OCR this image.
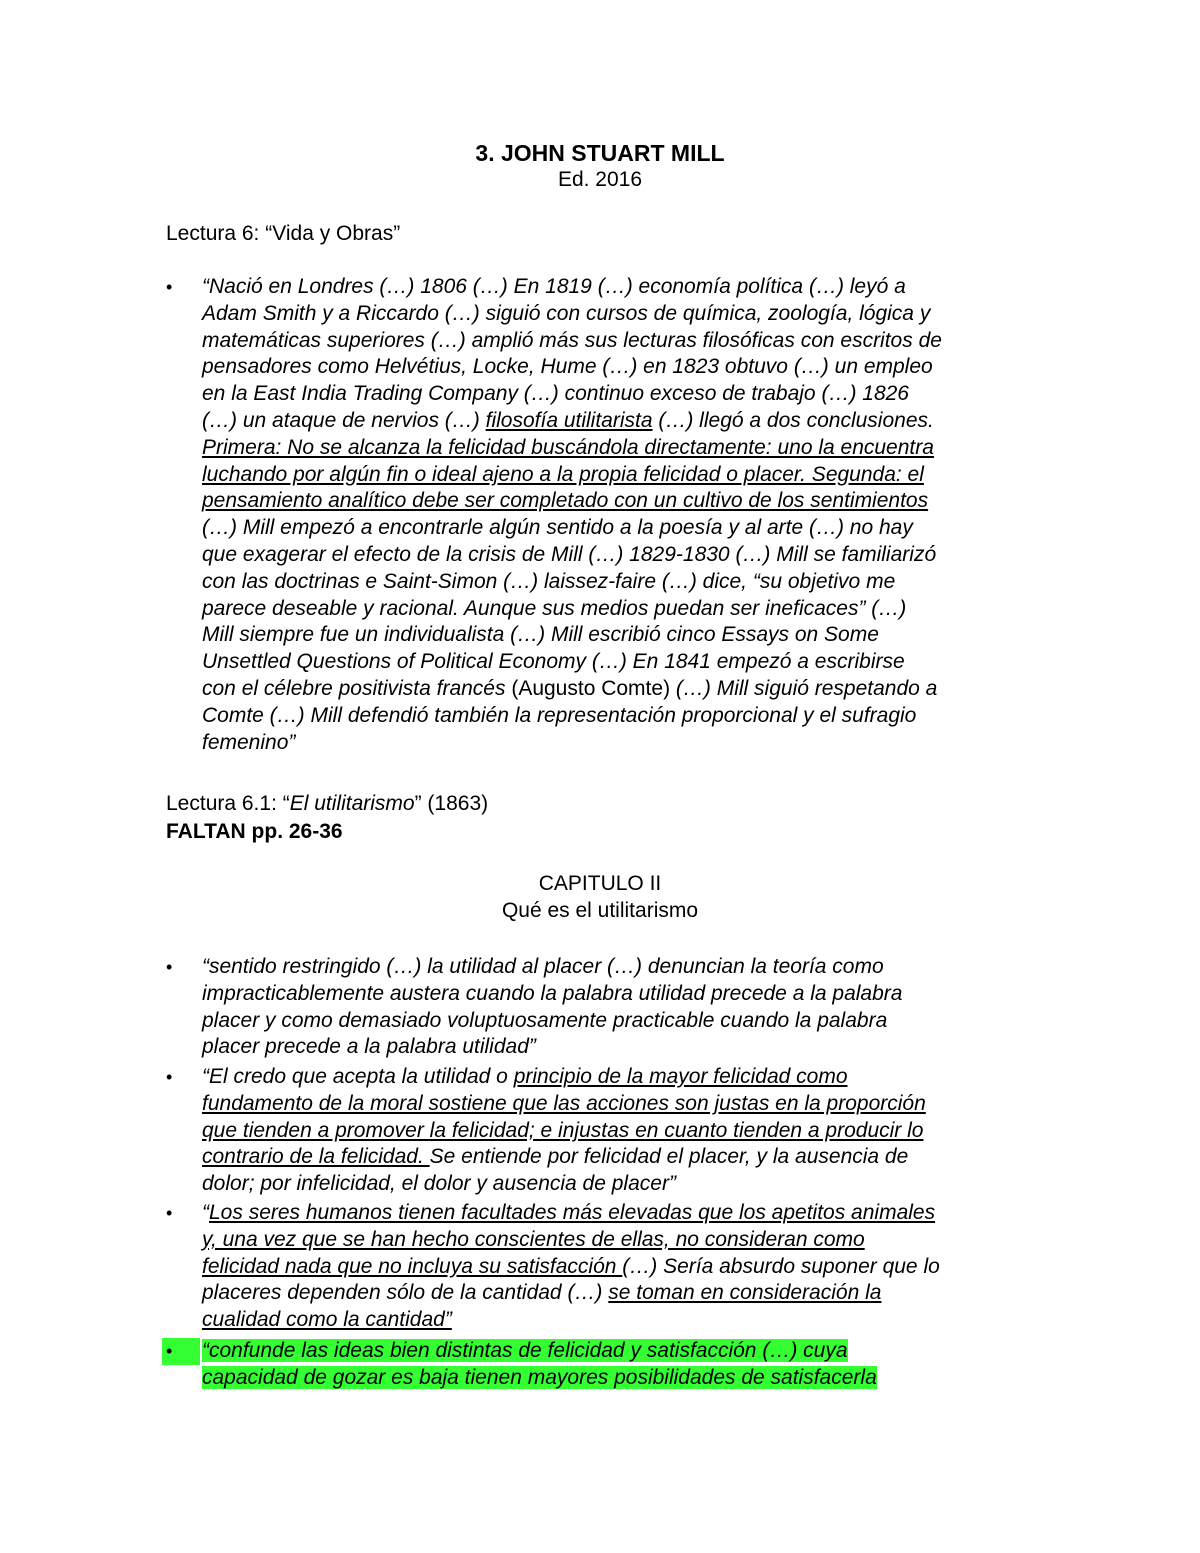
3. JOHN STUART MILL
Ed. 2016
Lectura 6: “Vida y Obras”
• “Nació en Londres (…) 1806 (…) En 1819 (…) economía política (…) leyó a
Adam Smith y a Riccardo (…) siguió con cursos de química, zoología, lógica y
matemáticas superiores (…) amplió más sus lecturas filosóficas con escritos de
pensadores como Helvétius, Locke, Hume (…) en 1823 obtuvo (…) un empleo
en la East India Trading Company (…) continuo exceso de trabajo (…) 1826
(…) un ataque de nervios (…) filosofía utilitarista (…) llegó a dos conclusiones.
Primera: No se alcanza la felicidad buscándola directamente: uno la encuentra
luchando por algún fin o ideal ajeno a la propia felicidad o placer. Segunda: el
pensamiento analítico debe ser completado con un cultivo de los sentimientos
(…) Mill empezó a encontrarle algún sentido a la poesía y al arte (…) no hay
que exagerar el efecto de la crisis de Mill (…) 1829-1830 (…) Mill se familiarizó
con las doctrinas e Saint-Simon (…) laissez-faire (…) dice, “su objetivo me
parece deseable y racional. Aunque sus medios puedan ser ineficaces” (…)
Mill siempre fue un individualista (…) Mill escribió cinco Essays on Some
Unsettled Questions of Political Economy (…) En 1841 empezó a escribirse
con el célebre positivista francés (Augusto Comte) (…) Mill siguió respetando a
Comte (…) Mill defendió también la representación proporcional y el sufragio
femenino”
Lectura 6.1: “El utilitarismo” (1863)
FALTAN pp. 26-36
CAPITULO II
Qué es el utilitarismo
• “sentido restringido (…) la utilidad al placer (…) denuncian la teoría como
impracticablemente austera cuando la palabra utilidad precede a la palabra
placer y como demasiado voluptuosamente practicable cuando la palabra
placer precede a la palabra utilidad”
• “El credo que acepta la utilidad o principio de la mayor felicidad como
fundamento de la moral sostiene que las acciones son justas en la proporción
que tienden a promover la felicidad; e injustas en cuanto tienden a producir lo
contrario de la felicidad. Se entiende por felicidad el placer, y la ausencia de
dolor; por infelicidad, el dolor y ausencia de placer”
• “Los seres humanos tienen facultades más elevadas que los apetitos animales
y, una vez que se han hecho conscientes de ellas, no consideran como
felicidad nada que no incluya su satisfacción (…) Sería absurdo suponer que lo
placeres dependen sólo de la cantidad (…) se toman en consideración la
cualidad como la cantidad”
• “confunde las ideas bien distintas de felicidad y satisfacción (…) cuya
capacidad de gozar es baja tienen mayores posibilidades de satisfacerla
